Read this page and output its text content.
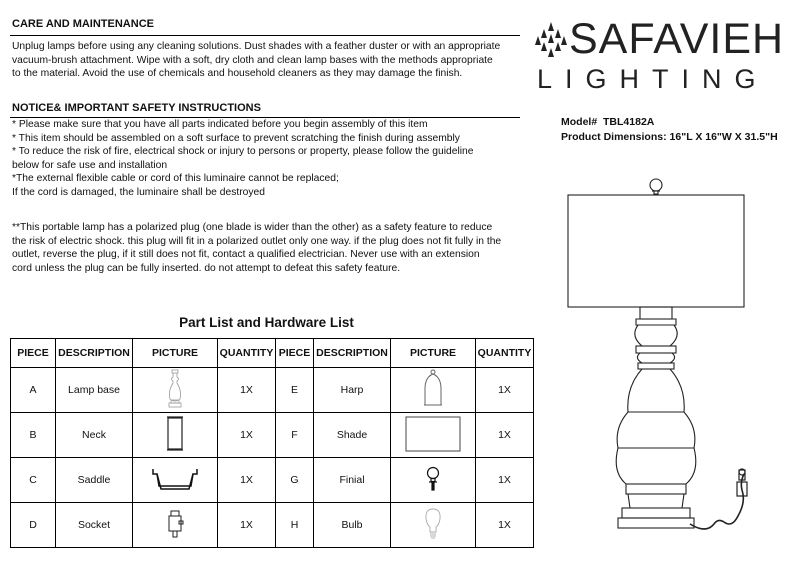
CARE AND MAINTENANCE
Unplug lamps before using any cleaning solutions. Dust shades with a feather duster or with an appropriate
vacuum-brush attachment. Wipe with a soft, dry cloth and clean lamp bases with the methods appropriate
to the material. Avoid the use of chemicals and household cleaners as they may damage the finish.
NOTICE& IMPORTANT SAFETY INSTRUCTIONS
* Please make sure that you have all parts indicated before you begin assembly of this item
* This item should be assembled on a soft surface to prevent scratching the finish during assembly
* To reduce the risk of fire, electrical shock or injury to persons or property, please follow the guideline
below for safe use and installation
*The external flexible cable or cord of this luminaire cannot be replaced;
If the cord is damaged, the luminaire shall be destroyed
**This portable lamp has a polarized plug (one blade is wider than the other) as a safety feature to reduce
the risk of electric shock. this plug will fit in a polarized outlet only one way. if the plug does not fit fully in the
outlet, reverse the plug, if it still does not fit, contact a qualified electrician. Never use with an extension
cord unless the plug can be fully inserted. do not attempt to defeat this safety feature.
Part List and Hardware List
PIECE	DESCRIPTION	PICTURE	QUANTITY	PIECE	DESCRIPTION	PICTURE	QUANTITY
A	Lamp base		1X	E	Harp		1X
B	Neck		1X	F	Shade		1X
C	Saddle		1X	G	Finial		1X
D	Socket		1X	H	Bulb		1X
SAFAVIEH
LIGHTING
Model# TBL4182A
Product Dimensions: 16"L X 16"W X 31.5"H
